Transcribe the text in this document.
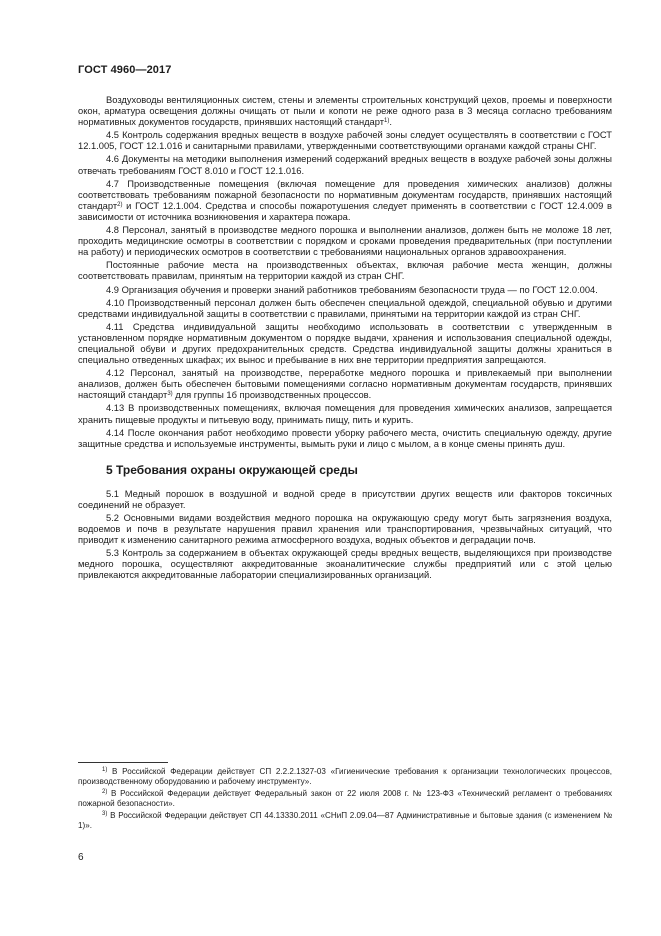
ГОСТ 4960—2017

Воздуховоды вентиляционных систем, стены и элементы строительных конструкций цехов, проемы и поверхности окон, арматура освещения должны очищать от пыли и копоти не реже одного раза в 3 месяца согласно требованиям нормативных документов государств, принявших настоящий стандарт$^{1)}$.

4.5 Контроль содержания вредных веществ в воздухе рабочей зоны следует осуществлять в соответствии с ГОСТ 12.1.005, ГОСТ 12.1.016 и санитарными правилами, утвержденными соответствующими органами каждой страны СНГ.

4.6 Документы на методики выполнения измерений содержаний вредных веществ в воздухе рабочей зоны должны отвечать требованиям ГОСТ 8.010 и ГОСТ 12.1.016.

4.7 Производственные помещения (включая помещение для проведения химических анализов) должны соответствовать требованиям пожарной безопасности по нормативным документам государств, принявших настоящий стандарт$^{2)}$ и ГОСТ 12.1.004. Средства и способы пожаротушения следует применять в соответствии с ГОСТ 12.4.009 в зависимости от источника возникновения и характера пожара.

4.8 Персонал, занятый в производстве медного порошка и выполнении анализов, должен быть не моложе 18 лет, проходить медицинские осмотры в соответствии с порядком и сроками проведения предварительных (при поступлении на работу) и периодических осмотров в соответствии с требованиями национальных органов здравоохранения.

Постоянные рабочие места на производственных объектах, включая рабочие места женщин, должны соответствовать правилам, принятым на территории каждой из стран СНГ.

4.9 Организация обучения и проверки знаний работников требованиям безопасности труда — по ГОСТ 12.0.004.

4.10 Производственный персонал должен быть обеспечен специальной одеждой, специальной обувью и другими средствами индивидуальной защиты в соответствии с правилами, принятыми на территории каждой из стран СНГ.

4.11 Средства индивидуальной защиты необходимо использовать в соответствии с утвержденным в установленном порядке нормативным документом о порядке выдачи, хранения и использования специальной одежды, специальной обуви и других предохранительных средств. Средства индивидуальной защиты должны храниться в специально отведенных шкафах; их вынос и пребывание в них вне территории предприятия запрещаются.

4.12 Персонал, занятый на производстве, переработке медного порошка и привлекаемый при выполнении анализов, должен быть обеспечен бытовыми помещениями согласно нормативным документам государств, принявших настоящий стандарт$^{3)}$ для группы 1б производственных процессов.

4.13 В производственных помещениях, включая помещения для проведения химических анализов, запрещается хранить пищевые продукты и питьевую воду, принимать пищу, пить и курить.

4.14 После окончания работ необходимо провести уборку рабочего места, очистить специальную одежду, другие защитные средства и используемые инструменты, вымыть руки и лицо с мылом, а в конце смены принять душ.

5 Требования охраны окружающей среды

5.1 Медный порошок в воздушной и водной среде в присутствии других веществ или факторов токсичных соединений не образует.

5.2 Основными видами воздействия медного порошка на окружающую среду могут быть загрязнения воздуха, водоемов и почв в результате нарушения правил хранения или транспортирования, чрезвычайных ситуаций, что приводит к изменению санитарного режима атмосферного воздуха, водных объектов и деградации почв.

5.3 Контроль за содержанием в объектах окружающей среды вредных веществ, выделяющихся при производстве медного порошка, осуществляют аккредитованные экоаналитические службы предприятий или с этой целью привлекаются аккредитованные лаборатории специализированных организаций.

$^{1)}$ В Российской Федерации действует СП 2.2.2.1327-03 «Гигиенические требования к организации технологических процессов, производственному оборудованию и рабочему инструменту».

$^{2)}$ В Российской Федерации действует Федеральный закон от 22 июля 2008 г. № 123-ФЗ «Технический регламент о требованиях пожарной безопасности».

$^{3)}$ В Российской Федерации действует СП 44.13330.2011 «СНиП 2.09.04—87 Административные и бытовые здания (с изменением № 1)».

6
